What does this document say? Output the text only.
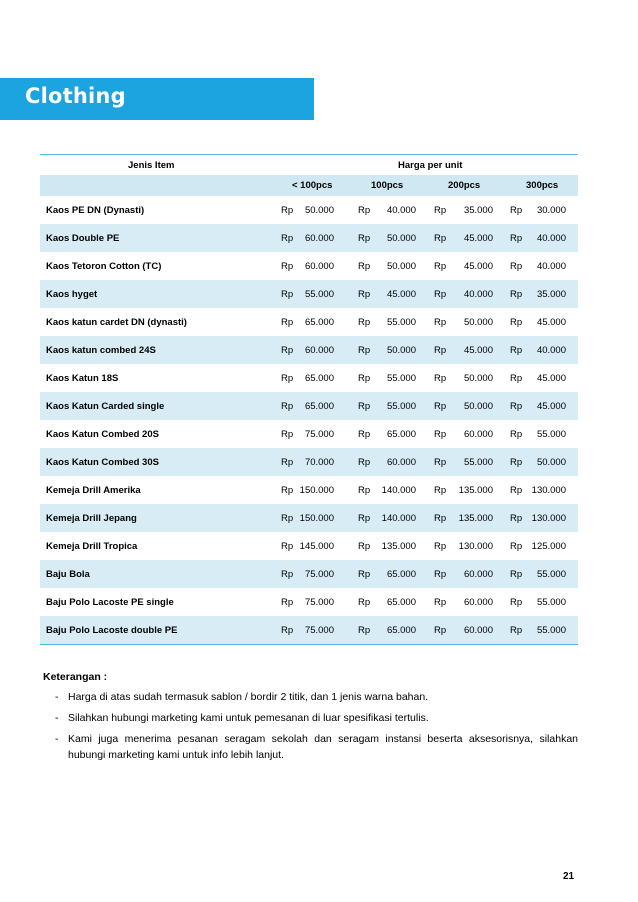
Clothing
Jenis Item	Harga per unit
< 100pcs	100pcs	200pcs	300pcs
Kaos PE DN (Dynasti)	Rp	50.000	Rp	40.000 Rp	35.000 Rp	30.000
Kaos Double PE	Rp	60.000	Rp	50.000 Rp	45.000 Rp	40.000
Kaos Tetoron Cotton (TC)	Rp	60.000	Rp	50.000 Rp	45.000 Rp	40.000
Kaos hyget	Rp	55.000	Rp	45.000 Rp	40.000 Rp	35.000
Kaos katun cardet DN (dynasti)	Rp	65.000	Rp	55.000 Rp	50.000 Rp	45.000
Kaos katun combed 24S	Rp	60.000	Rp	50.000 Rp	45.000 Rp	40.000
Kaos Katun 18S	Rp	65.000	Rp	55.000 Rp	50.000 Rp	45.000
Kaos Katun Carded single	Rp	65.000	Rp	55.000 Rp	50.000 Rp	45.000
Kaos Katun Combed 20S	Rp	75.000	Rp	65.000 Rp	60.000 Rp	55.000
Kaos Katun Combed 30S	Rp	70.000	Rp	60.000 Rp	55.000 Rp	50.000
Kemeja Drill Amerika	Rp 150.000	Rp	140.000 Rp	135.000 Rp	130.000
Kemeja Drill Jepang	Rp 150.000	Rp	140.000 Rp	135.000 Rp	130.000
Kemeja Drill Tropica	Rp 145.000	Rp	135.000 Rp	130.000 Rp	125.000
Baju Bola	Rp	75.000	Rp	65.000 Rp	60.000 Rp	55.000
Baju Polo Lacoste PE single	Rp	75.000	Rp	65.000 Rp	60.000 Rp	55.000
Baju Polo Lacoste double PE	Rp	75.000	Rp	65.000 Rp	60.000 Rp	55.000
Keterangan :
- Harga di atas sudah termasuk sablon / bordir 2 titik, dan 1 jenis warna bahan.
- Silahkan hubungi marketing kami untuk pemesanan di luar spesifikasi tertulis.
- Kami juga menerima pesanan seragam sekolah dan seragam instansi beserta aksesorisnya, silahkan hubungi marketing kami untuk info lebih lanjut.
21
